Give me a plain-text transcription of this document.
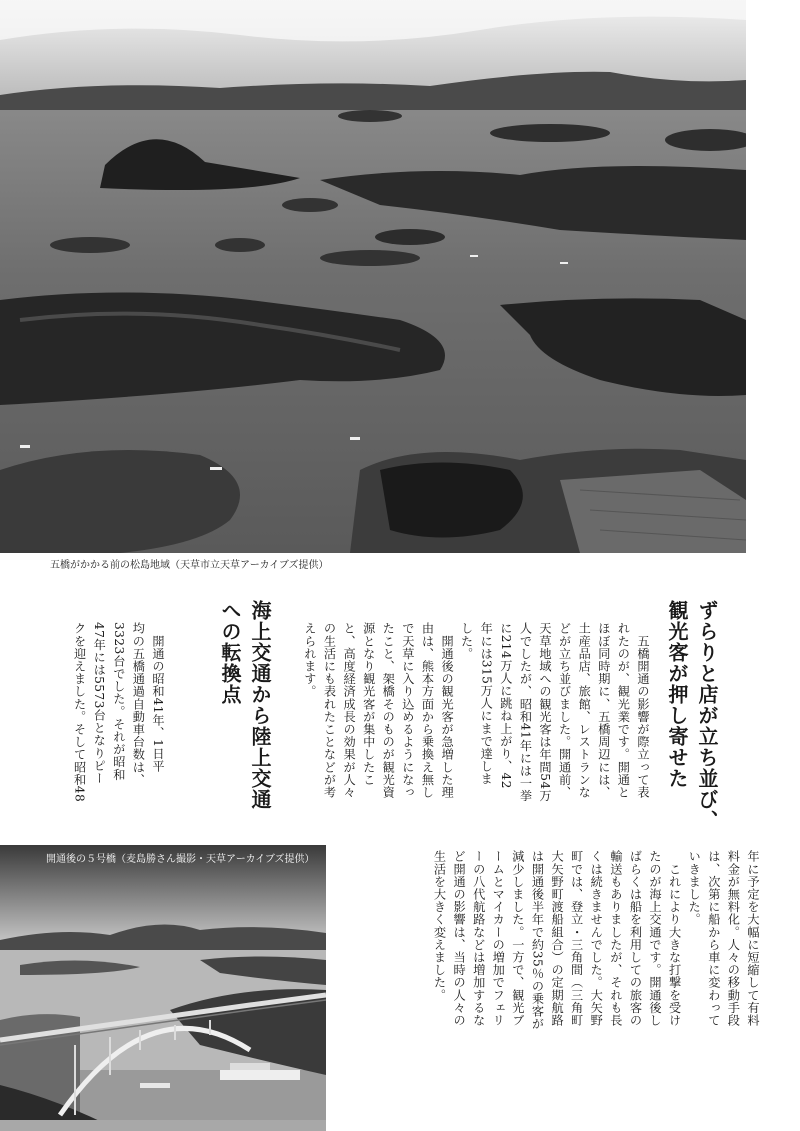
五橋がかかる前の松島地域（天草市立天草アーカイブズ提供）
ずらりと店が立ち並び、
観光客が押し寄せた
　五橋開通の影響が際立って表
れたのが、観光業です。開通と
ほぼ同時期に、五橋周辺には、
土産品店、旅館、レストランな
どが立ち並びました。開通前、
天草地域への観光客は年間54万
人でしたが、昭和41年には一挙
に214万人に跳ね上がり、42
年には315万人にまで達しま
した。
　開通後の観光客が急増した理
由は、熊本方面から乗換え無し
で天草に入り込めるようになっ
たこと、架橋そのものが観光資
源となり観光客が集中したこ
と、高度経済成長の効果が人々
の生活にも表れたことなどが考
えられます。
海上交通から陸上交通
への転換点
　開通の昭和41年、1日平
均の五橋通過自動車台数は、
3323台でした。それが昭和
47年には5573台となりピー
クを迎えました。そして昭和48
年に予定を大幅に短縮して有料
料金が無料化。人々の移動手段
は、次第に船から車に変わって
いきました。
　これにより大きな打撃を受け
たのが海上交通です。開通後し
ばらくは船を利用しての旅客の
輸送もありましたが、それも長
くは続きませんでした。大矢野
町では、登立・三角間（三角町
大矢野町渡船組合）の定期航路
は開通後半年で約35％の乗客が
減少しました。一方で、観光ブ
ームとマイカーの増加でフェリ
ーの八代航路などは増加するな
ど開通の影響は、当時の人々の
生活を大きく変えました。
開通後の５号橋（麦島勝さん撮影・天草アーカイブズ提供）
